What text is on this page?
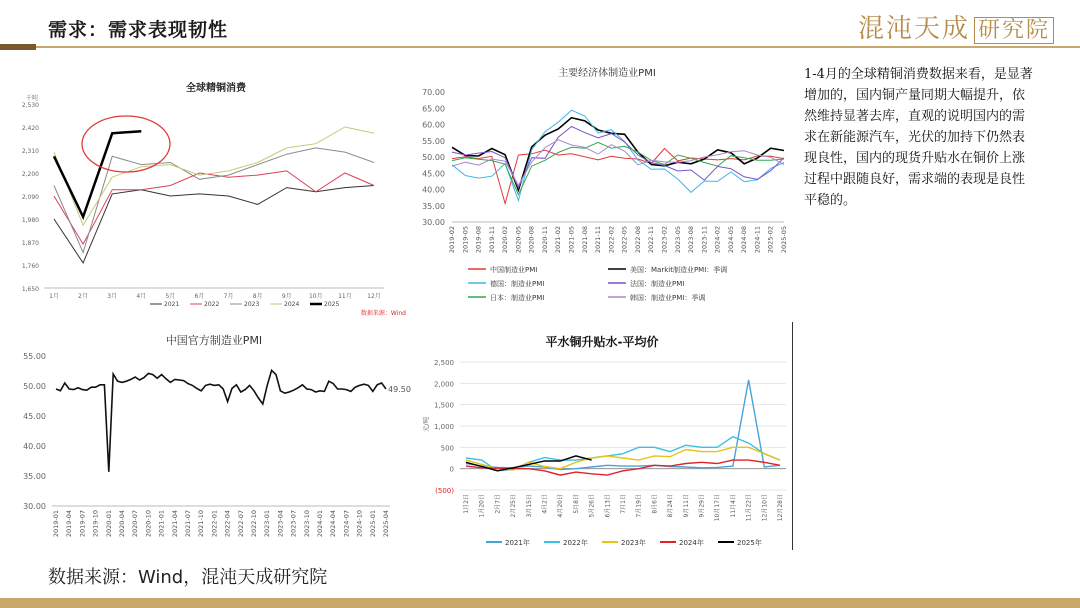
需求：需求表现韧性	混沌天成 研究院
全球精铜消费
千吨
1,650
1,760
1,870
1,980
2,090
2,200
2,310
2,420
2,530
1月	2月	3月	4月	5月	6月	7月	8月	9月	10月	11月	12月
2021	2022	2023	2024	2025
数据来源：Wind
主要经济体制造业PMI
30.00
35.00
40.00
45.00
50.00
55.00
60.00
65.00
70.00
2019-02 2019-05 2019-08 2019-11 2020-02 2020-05 2020-08 2020-11 2021-02 2021-05 2021-08 2021-11 2022-02 2022-05 2022-08 2022-11 2023-02 2023-05 2023-08 2023-11 2024-02 2024-05 2024-08 2024-11 2025-02 2025-05
中国制造业PMI	美国：Markit制造业PMI：季调
德国：制造业PMI	法国：制造业PMI
日本：制造业PMI	韩国：制造业PMI：季调
中国官方制造业PMI
30.00
35.00
40.00
45.00
50.00
55.00
2019-01 2019-04 2019-07 2019-10 2020-01 2020-04 2020-07 2020-10 2021-01 2021-04 2021-07 2021-10 2022-01 2022-04 2022-07 2022-10 2023-01 2023-04 2023-07 2023-10 2024-01 2024-04 2024-07 2024-10 2025-01 2025-04
49.50
平水铜升贴水-平均价
(500)
0
500
1,000
1,500
2,000
2,500
元/吨
1月2日 1月20日 2月7日 2月25日 3月15日 4月2日 4月20日 5月8日 5月26日 6月13日 7月1日 7月19日 8月6日 8月24日 9月11日 9月29日 10月17日 11月4日 11月22日 12月10日 12月28日
2021年	2022年	2023年	2024年	2025年
1-4月的全球精铜消费数据来看，是显著增加的，国内铜产量同期大幅提升，依然维持显著去库，直观的说明国内的需求在新能源汽车，光伏的加持下仍然表现良性，国内的现货升贴水在铜价上涨过程中跟随良好，需求端的表现是良性平稳的。
数据来源：Wind，混沌天成研究院
